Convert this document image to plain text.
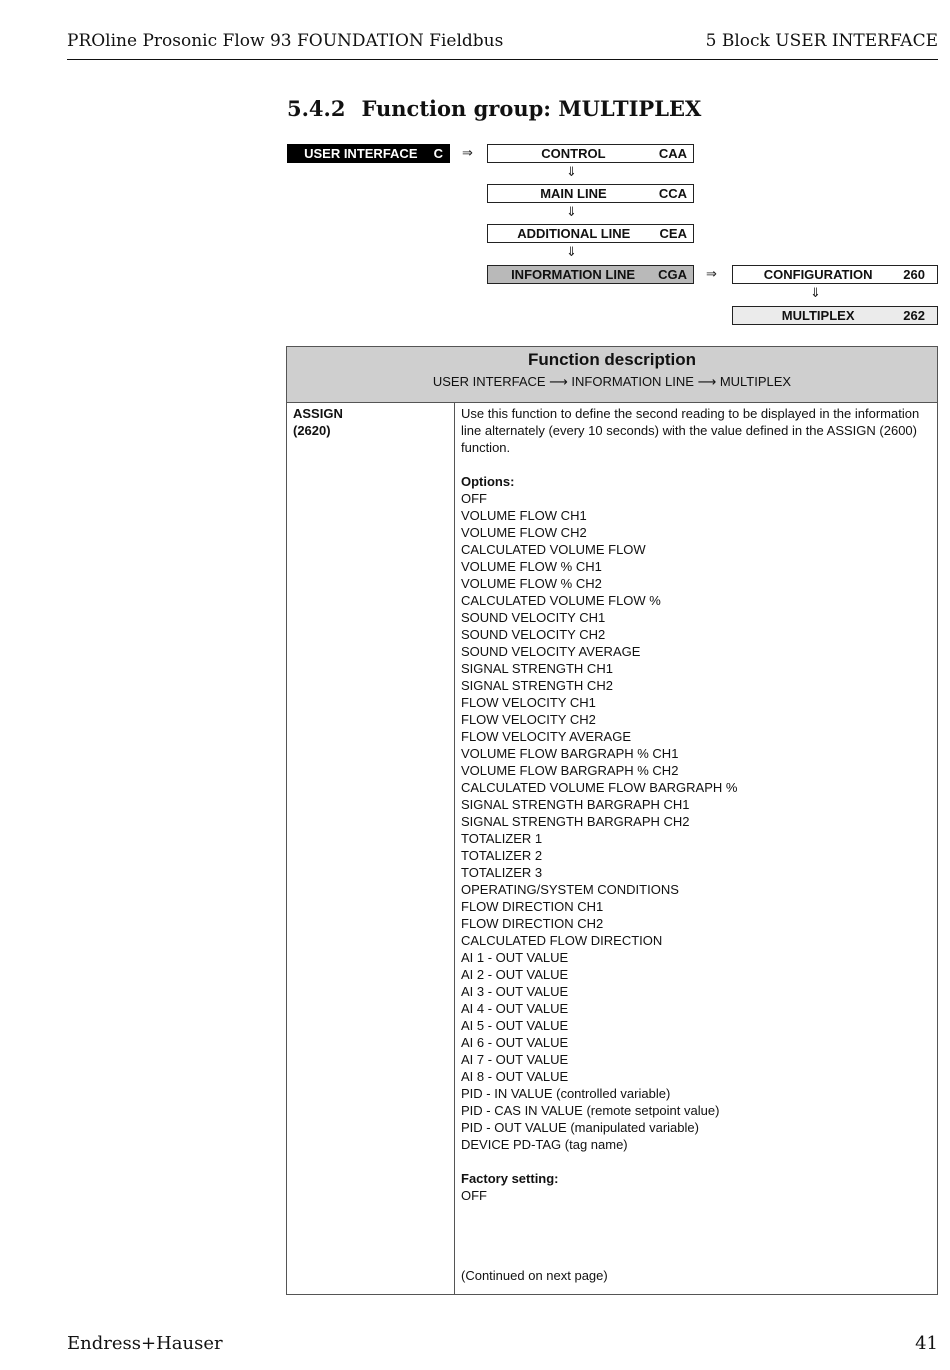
PROline Prosonic Flow 93 FOUNDATION Fieldbus	5 Block USER INTERFACE
5.4.2 Function group: MULTIPLEX
USER INTERFACE	C	⇒	CONTROL	CAA
⇓
MAIN LINE	CCA
⇓
ADDITIONAL LINE	CEA
⇓
INFORMATION LINE	CGA	⇒	CONFIGURATION	260
⇓
MULTIPLEX	262
Function description
USER INTERFACE ⟶ INFORMATION LINE ⟶ MULTIPLEX
ASSIGN
(2620)

Use this function to define the second reading to be displayed in the information line alternately (every 10 seconds) with the value defined in the ASSIGN (2600) function.

Options:
OFF
VOLUME FLOW CH1
VOLUME FLOW CH2
CALCULATED VOLUME FLOW
VOLUME FLOW % CH1
VOLUME FLOW % CH2
CALCULATED VOLUME FLOW %
SOUND VELOCITY CH1
SOUND VELOCITY CH2
SOUND VELOCITY AVERAGE
SIGNAL STRENGTH CH1
SIGNAL STRENGTH CH2
FLOW VELOCITY CH1
FLOW VELOCITY CH2
FLOW VELOCITY AVERAGE
VOLUME FLOW BARGRAPH % CH1
VOLUME FLOW BARGRAPH % CH2
CALCULATED VOLUME FLOW BARGRAPH %
SIGNAL STRENGTH BARGRAPH CH1
SIGNAL STRENGTH BARGRAPH CH2
TOTALIZER 1
TOTALIZER 2
TOTALIZER 3
OPERATING/SYSTEM CONDITIONS
FLOW DIRECTION CH1
FLOW DIRECTION CH2
CALCULATED FLOW DIRECTION
AI 1 - OUT VALUE
AI 2 - OUT VALUE
AI 3 - OUT VALUE
AI 4 - OUT VALUE
AI 5 - OUT VALUE
AI 6 - OUT VALUE
AI 7 - OUT VALUE
AI 8 - OUT VALUE
PID - IN VALUE (controlled variable)
PID - CAS IN VALUE (remote setpoint value)
PID - OUT VALUE (manipulated variable)
DEVICE PD-TAG (tag name)
Factory setting:
OFF
(Continued on next page)
Endress+Hauser	41
